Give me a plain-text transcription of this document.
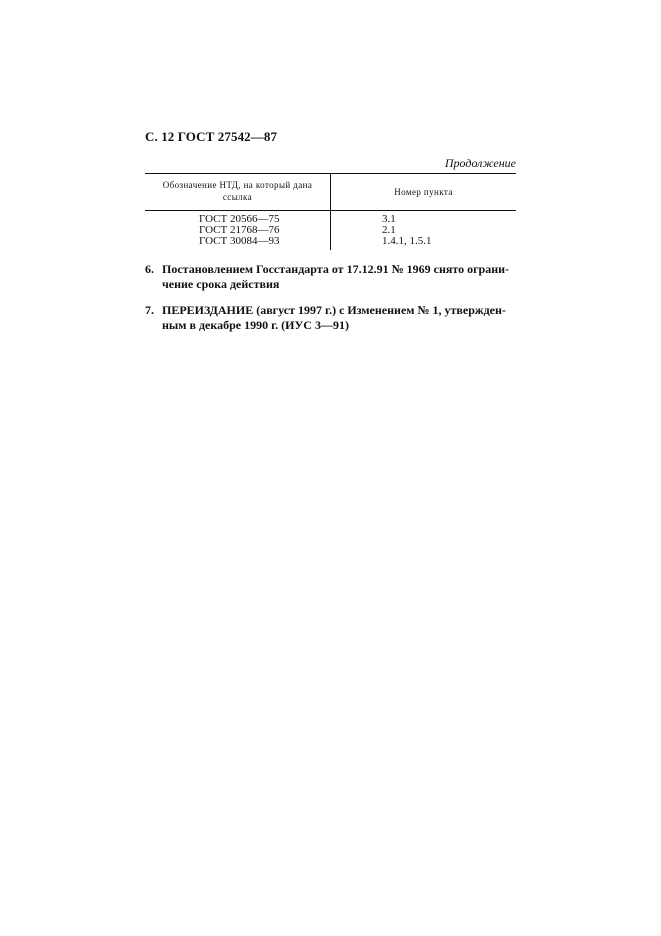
С. 12 ГОСТ 27542—87
Продолжение
Обозначение НТД, на который дана
ссылка	Номер пункта
ГОСТ 20566—75
ГОСТ 21768—76
ГОСТ 30084—93
3.1
2.1
1.4.1, 1.5.1
6. Постановлением Госстандарта от 17.12.91 № 1969 снято ограни-
чение срока действия
7. ПЕРЕИЗДАНИЕ (август 1997 г.) с Изменением № 1, утвержден-
ным в декабре 1990 г. (ИУС 3—91)
